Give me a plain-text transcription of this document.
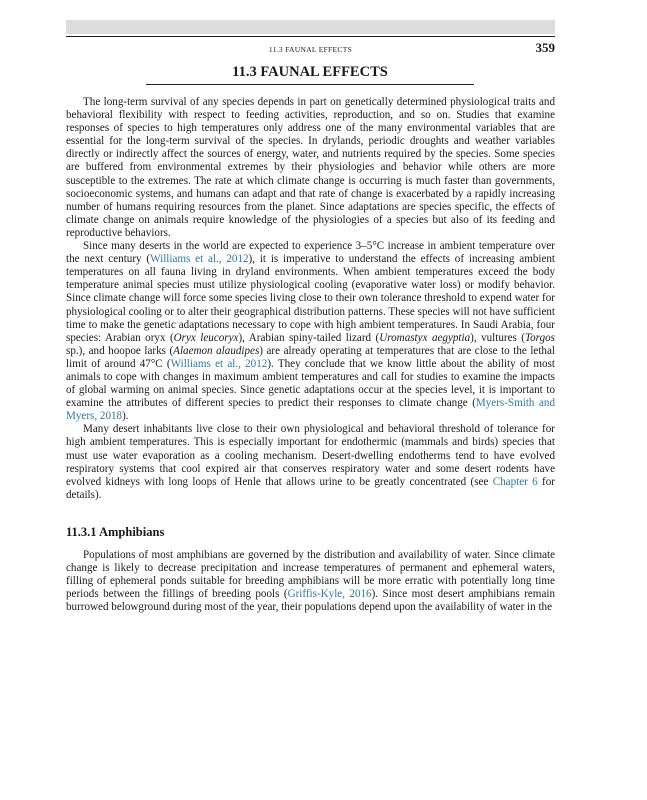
11.3 FAUNAL EFFECTS	359
11.3 FAUNAL EFFECTS

The long-term survival of any species depends in part on genetically determined physiological traits and behavioral flexibility with respect to feeding activities, reproduction, and so on. Studies that examine responses of species to high temperatures only address one of the many environmental variables that are essential for the long-term survival of the species. In drylands, periodic droughts and weather variables directly or indirectly affect the sources of energy, water, and nutrients required by the species. Some species are buffered from environmental extremes by their physiologies and behavior while others are more susceptible to the extremes. The rate at which climate change is occurring is much faster than governments, socioeconomic systems, and humans can adapt and that rate of change is exacerbated by a rapidly increasing number of humans requiring resources from the planet. Since adaptations are species specific, the effects of climate change on animals require knowledge of the physiologies of a species but also of its feeding and reproductive behaviors.

Since many deserts in the world are expected to experience 3–5°C increase in ambient temperature over the next century (Williams et al., 2012), it is imperative to understand the effects of increasing ambient temperatures on all fauna living in dryland environments. When ambient temperatures exceed the body temperature animal species must utilize physiological cooling (evaporative water loss) or modify behavior. Since climate change will force some species living close to their own tolerance threshold to expend water for physiological cooling or to alter their geographical distribution patterns. These species will not have sufficient time to make the genetic adaptations necessary to cope with high ambient temperatures. In Saudi Arabia, four species: Arabian oryx (Oryx leucoryx), Arabian spiny-tailed lizard (Uromastyx aegyptia), vultures (Torgos sp.), and hoopoe larks (Alaemon alaudipes) are already operating at temperatures that are close to the lethal limit of around 47°C (Williams et al., 2012). They conclude that we know little about the ability of most animals to cope with changes in maximum ambient temperatures and call for studies to examine the impacts of global warming on animal species. Since genetic adaptations occur at the species level, it is important to examine the attributes of different species to predict their responses to climate change (Myers-Smith and Myers, 2018).

Many desert inhabitants live close to their own physiological and behavioral threshold of tolerance for high ambient temperatures. This is especially important for endothermic (mammals and birds) species that must use water evaporation as a cooling mechanism. Desert-dwelling endotherms tend to have evolved respiratory systems that cool expired air that conserves respiratory water and some desert rodents have evolved kidneys with long loops of Henle that allows urine to be greatly concentrated (see Chapter 6 for details).

11.3.1 Amphibians

Populations of most amphibians are governed by the distribution and availability of water. Since climate change is likely to decrease precipitation and increase temperatures of permanent and ephemeral waters, filling of ephemeral ponds suitable for breeding amphibians will be more erratic with potentially long time periods between the fillings of breeding pools (Griffis-Kyle, 2016). Since most desert amphibians remain burrowed belowground during most of the year, their populations depend upon the availability of water in the
